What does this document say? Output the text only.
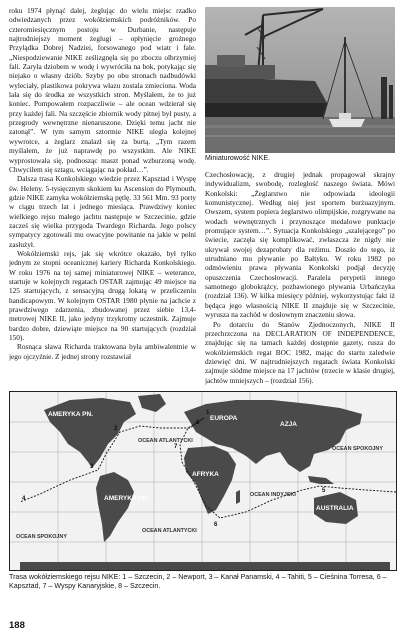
roku 1974 płynąć dalej, żeglując do wielu miejsc rzadko odwiedzanych przez wokółziemskich podróżników. Po czteromiesięcznym postoju w Durbanie, następuje najtrudniejszy moment żeglugi – opłynięcie groźnego Przylądka Dobrej Nadziei, forsowanego pod wiatr i fale. „Niespodziewanie NIKE ześlizgnęła się po zboczu olbrzymiej fali. Zaryła dziobem w wodę i wywróciła na bok, potykając się niejako o własny dziób. Szyby po obu stronach nadbudówki wyleciały, plastikowa pokrywa włazu zostala zmieciona. Woda lała się do środka ze wszystkich stron. Myślałem, że to już koniec. Pompowałem rozpaczliwie – ale ocean wdzierał się przy każdej fali. Na szczęście zbiornik wody pitnej był pusty, a przegrody wewnętrzne nienaruszone. Dzięki temu jacht nie zatonął”. W tym samym sztormie NIKE uległa kolejnej wywrotce, a żeglarz znalazł się za burtą. „Tym razem myślałem, że już naprawdę po wszystkim. Ale NIKE wyprostowała się, podnosząc maszt ponad wzburzoną wodę. Chwyciłem się sztagu, wciągając na pokład…”.

Dalsza trasa Konkolskiego wiedzie przez Kapsztad i Wyspę św. Heleny. 5-tysięcznym skokiem ku Ascension do Plymouth, gdzie NIKE zamyka wokółziemską pętlę. 33 561 Mm. 93 porty w ciągu trzech lat i jednego miesiąca. Prawdziwy koniec wielkiego rejsu małego jachtu następuje w Szczecinie, gdzie zacześ się wielka przygoda Twardego Richarda. Jego polscy sympatycy zgotowali mu owacyjne powitanie na jakie w pełni zasłużył.

Wokółziemski rejs, jak się wkrótce okazało, był tylko jednym ze stopni oceanicznej kariery Richarda Konkolskiego. W roku 1976 na tej samej miniaturowej NIKE – weterance, startuje w kolejnych regatach OSTAR zajmując 49 miejsce na 125 startujących, z sensacyjną drugą lokatą w przeliczeniu handicapowym. W kolejnym OSTAR 1980 płynie na jachcie z prawdziwego zdarzenia, zbudowanej przez siebie 13,4-metrowej NIKE II, jako jedyny trzykrotny uczestnik. Zajmuje bardzo dobre, dziewiąte miejsce na 90 startujących (rozdział 150).

Rosnąca sława Richarda traktowana była ambiwalentnie w jego ojczyźnie. Z jednej strony rozstawiał

Miniaturowość NIKE.

Czechosłowację, z drugiej jednak propagował skrajny indywidualizm, swobodę, rozległość naszego świata. Mówi Konkolski: „Żeglarstwo nie odpowiada ideologii komunistycznej. Według niej jest sportem burżuazyjnym. Owszem, system popiera żeglarstwo olimpijskie, rozgrywane na wodach wewnętrznych i przynoszące medalowe punktacje promujące system…”. Sytuacja Konkolskiego „szalejącego” po świecie, zaczęła się komplikować, zwłaszcza że nigdy nie ukrywał swojej dezaprobaty dla reżimu. Doszło do tego, iż utrudniano mu pływanie po Bałtyku. W roku 1982 po odmówieniu prawa pływania Konkolski podjął decyzję opuszczenia Czechosłowacji. Paralela perypetii innego samotnego globokrążcy, pozbawionego pływania Urbańczyka (rozdział 136). W kilka miesięcy później, wykorzystując fakt iż będąca jego własnością NIKE II znajduje się w Szczecinie, wyrusza na zachód w dosłownym znaczeniu słowa.

Po dotarciu do Stanów Zjednoczonych, NIKE II przechrzczona na DECLARATION OF INDEPENDENCE, znajdując się na tamach każdej dostępnie gazety, rusza do wokółziemskich regat BOC 1982, mając do startu zaledwie dziewięć dni. W najtrudniejszych regatach świata Konkolski zajmuje siódme miejsce na 17 jachtów (trzecie w klasie drugiej, jachtów mniejszych – (rozdział 156).

AMERYKA PN.
AMERYKA PD.
EUROPA
AZJA
AFRYKA
AUSTRALIA
OCEAN SPOKOJNY
OCEAN SPOKOJNY
OCEAN ATLANTYCKI
OCEAN ATLANTYCKI
OCEAN INDYJSKI
1
2
3
4
5
6
7
8
Trasa wokółziemskiego rejsu NIKE: 1 – Szczecin, 2 – Newport, 3 – Kanał Panamski, 4 – Tahiti, 5 – Cieśnina Torresa, 6 – Kapsztad, 7 – Wyspy Kanaryjskie, 8 – Szczecin.
188
